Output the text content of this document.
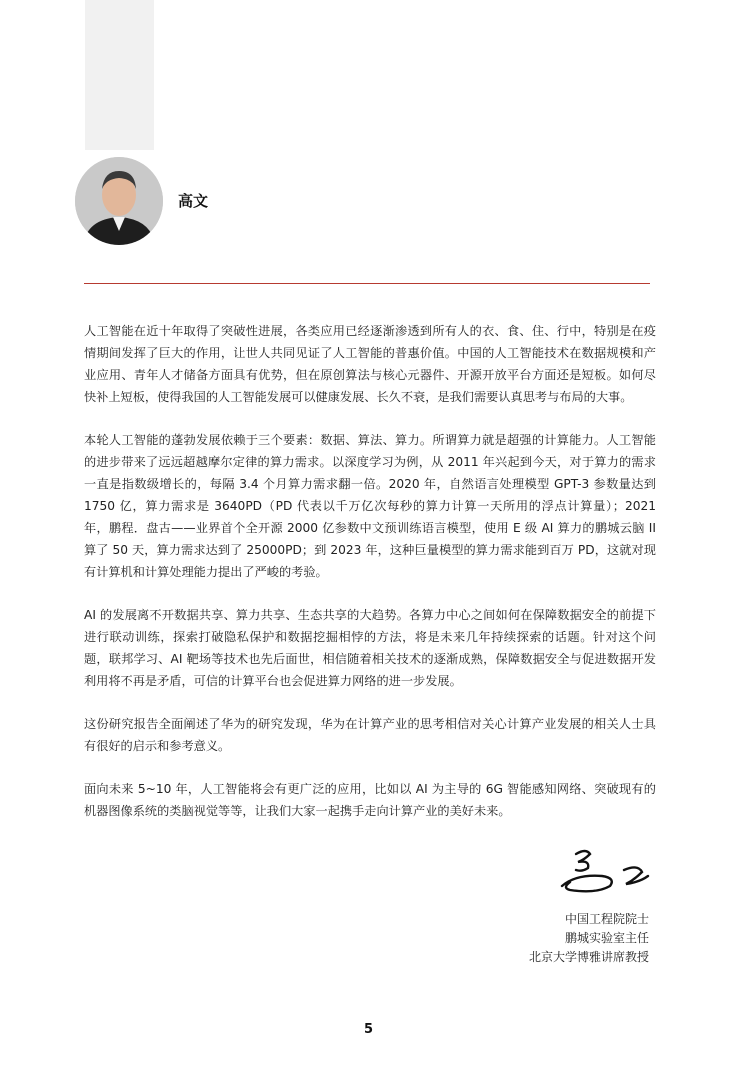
高文

人工智能在近十年取得了突破性进展，各类应用已经逐渐渗透到所有人的衣、食、住、行中，特别是在疫情期间发挥了巨大的作用，让世人共同见证了人工智能的普惠价值。中国的人工智能技术在数据规模和产业应用、青年人才储备方面具有优势，但在原创算法与核心元器件、开源开放平台方面还是短板。如何尽快补上短板，使得我国的人工智能发展可以健康发展、长久不衰，是我们需要认真思考与布局的大事。

本轮人工智能的蓬勃发展依赖于三个要素：数据、算法、算力。所谓算力就是超强的计算能力。人工智能的进步带来了远远超越摩尔定律的算力需求。以深度学习为例，从 2011 年兴起到今天，对于算力的需求一直是指数级增长的，每隔 3.4 个月算力需求翻一倍。2020 年，自然语言处理模型 GPT-3 参数量达到 1750 亿，算力需求是 3640PD（PD 代表以千万亿次每秒的算力计算一天所用的浮点计算量）；2021 年，鹏程．盘古——业界首个全开源 2000 亿参数中文预训练语言模型，使用 E 级 AI 算力的鹏城云脑 II 算了 50 天，算力需求达到了 25000PD；到 2023 年，这种巨量模型的算力需求能到百万 PD，这就对现有计算机和计算处理能力提出了严峻的考验。

AI 的发展离不开数据共享、算力共享、生态共享的大趋势。各算力中心之间如何在保障数据安全的前提下进行联动训练，探索打破隐私保护和数据挖掘相悖的方法，将是未来几年持续探索的话题。针对这个问题，联邦学习、AI 靶场等技术也先后面世，相信随着相关技术的逐渐成熟，保障数据安全与促进数据开发利用将不再是矛盾，可信的计算平台也会促进算力网络的进一步发展。

这份研究报告全面阐述了华为的研究发现，华为在计算产业的思考相信对关心计算产业发展的相关人士具有很好的启示和参考意义。

面向未来 5~10 年，人工智能将会有更广泛的应用，比如以 AI 为主导的 6G 智能感知网络、突破现有的机器图像系统的类脑视觉等等，让我们大家一起携手走向计算产业的美好未来。

中国工程院院士
鹏城实验室主任
北京大学博雅讲席教授
5
